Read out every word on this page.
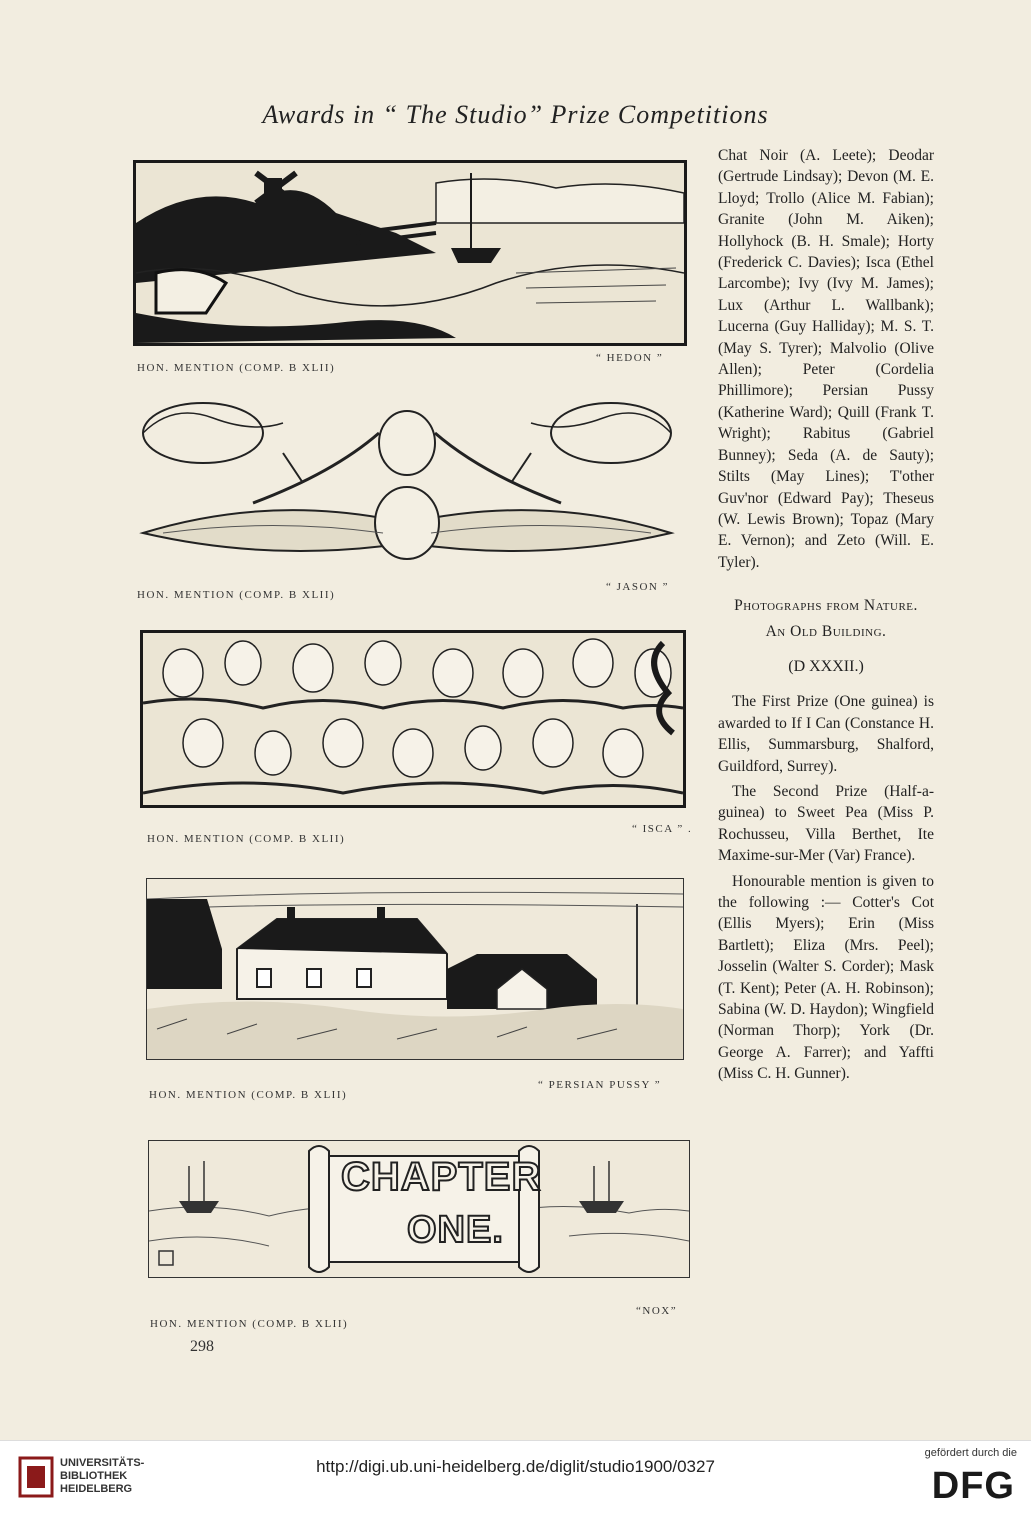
Awards in “ The Studio” Prize Competitions
HON. MENTION (COMP. B XLII)
“ HEDON ”
HON. MENTION (COMP. B XLII)
“ JASON ”
HON. MENTION (COMP. B XLII)
“ ISCA ” .
HON. MENTION (COMP. B XLII)
“ PERSIAN PUSSY ”
CHAPTER
ONE.
HON. MENTION (COMP. B XLII)
“NOX”

Chat Noir (A. Leete); Deodar (Gertrude Lindsay); Devon (M. E. Lloyd; Trollo (Alice M. Fabian); Granite (John M. Aiken); Hollyhock (B. H. Smale); Horty (Frederick C. Davies); Isca (Ethel Larcombe); Ivy (Ivy M. James); Lux (Arthur L. Wallbank); Lucerna (Guy Halliday); M. S. T. (May S. Tyrer); Malvolio (Olive Allen); Peter (Cordelia Phillimore); Persian Pussy (Katherine Ward); Quill (Frank T. Wright); Rabitus (Gabriel Bunney); Seda (A. de Sauty); Stilts (May Lines); T'other Guv'nor (Edward Pay); Theseus (W. Lewis Brown); Topaz (Mary E. Vernon); and Zeto (Will. E. Tyler).

Photographs from Nature.

An Old Building.

(D XXXII.)

The First Prize (One guinea) is awarded to If I Can (Constance H. Ellis, Summarsburg, Shalford, Guildford, Surrey).

The Second Prize (Half-a-guinea) to Sweet Pea (Miss P. Rochusseu, Villa Berthet, Ite Maxime-sur-Mer (Var) France).

Honourable mention is given to the following :— Cotter's Cot (Ellis Myers); Erin (Miss Bartlett); Eliza (Mrs. Peel); Josselin (Walter S. Corder); Mask (T. Kent); Peter (A. H. Robinson); Sabina (W. D. Haydon); Wingfield (Norman Thorp); York (Dr. George A. Farrer); and Yaffti (Miss C. H. Gunner).

298
UNIVERSITÄTS-
BIBLIOTHEK
HEIDELBERG
http://digi.ub.uni-heidelberg.de/diglit/studio1900/0327
gefördert durch die
DFG
